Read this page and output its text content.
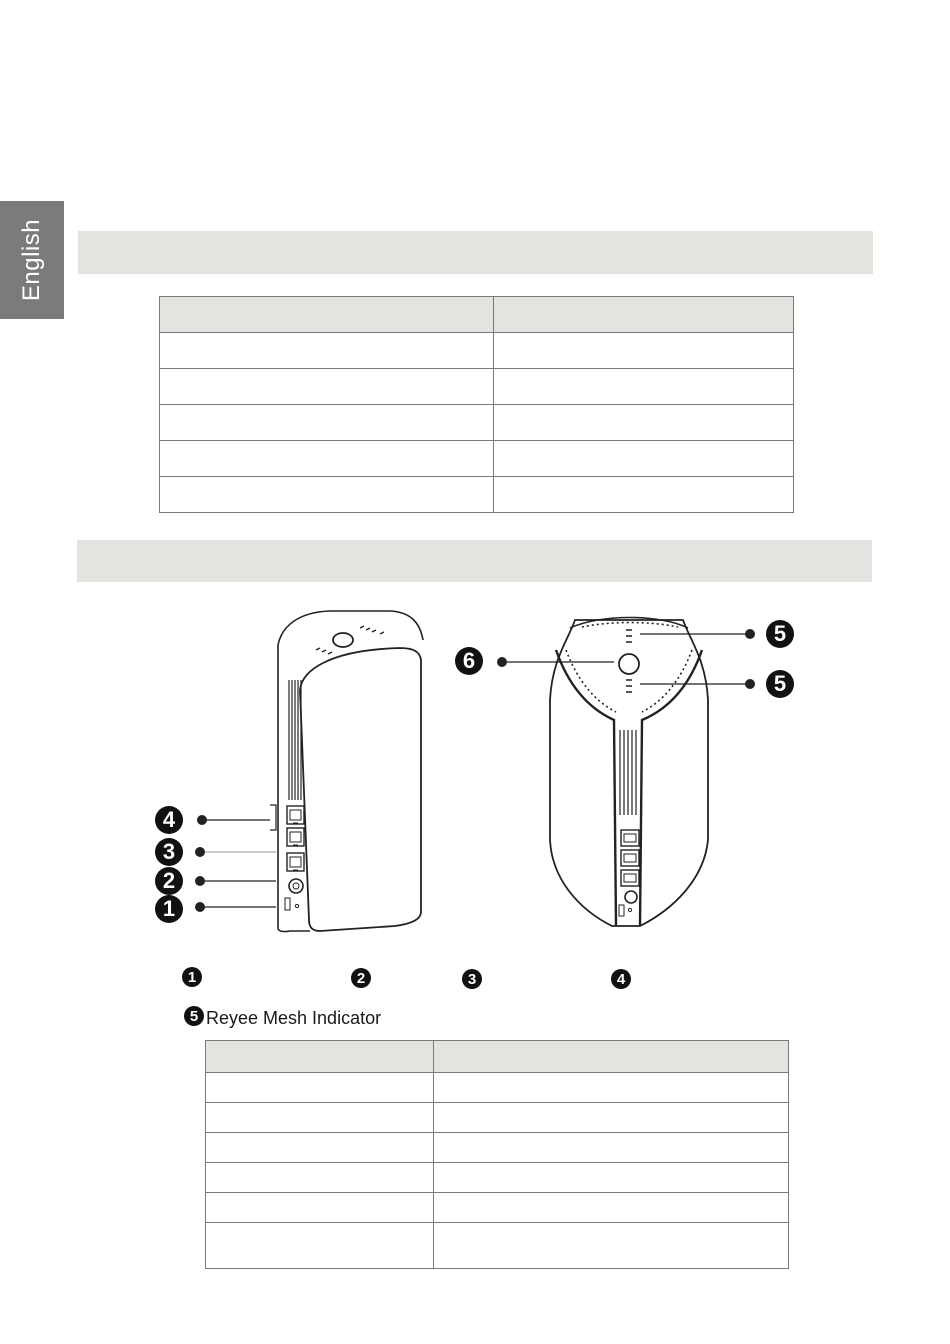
English

4
3
2
1
6
5
5
1	2	3	4
5 Reyee Mesh Indicator
